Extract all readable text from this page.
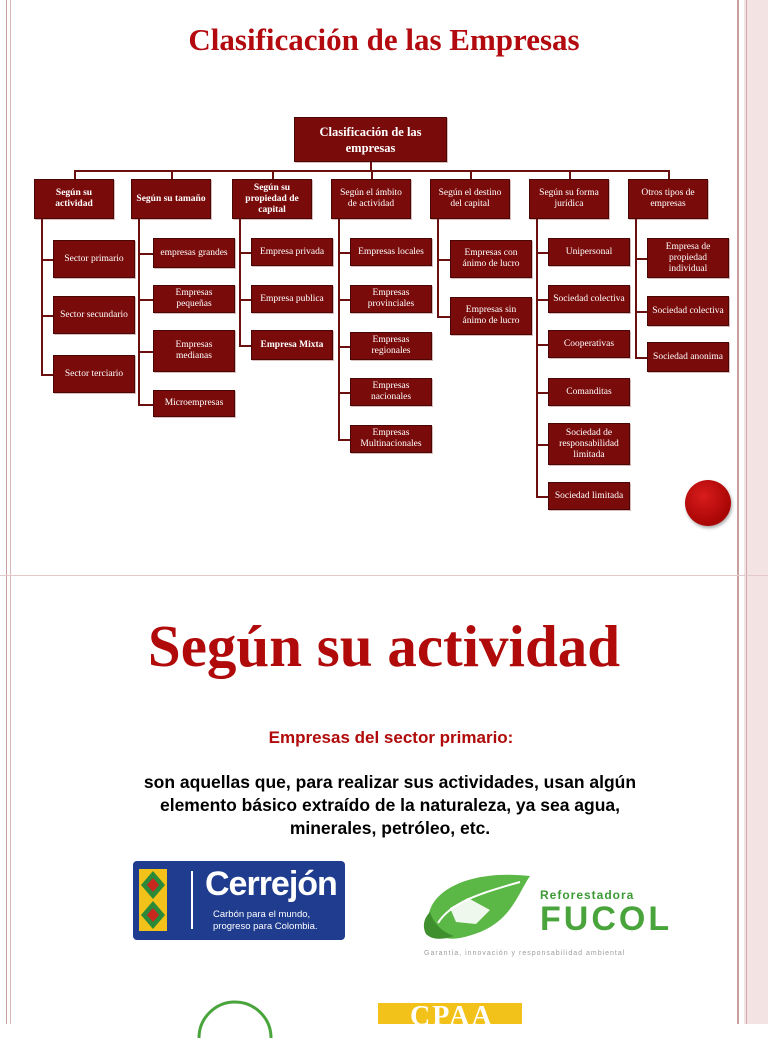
Clasificación de las Empresas
Clasificación de las empresas
Según su actividad
Sector primario
Sector secundario
Sector terciario
Según su tamaño
empresas grandes
Empresas pequeñas
Empresas medianas
Microempresas
Según su propiedad de capital
Empresa privada
Empresa publica
Empresa Mixta
Según el ámbito de actividad
Empresas locales
Empresas provinciales
Empresas regionales
Empresas nacionales
Empresas Multinacionales
Según el destino del capital
Empresas con ánimo de lucro
Empresas sin ánimo de lucro
Según su forma jurídica
Unipersonal
Sociedad colectiva
Cooperativas
Comanditas
Sociedad de responsabilidad limitada
Sociedad limitada
Otros tipos de empresas
Empresa de propiedad individual
Sociedad colectiva
Sociedad anonima
Según su actividad
Empresas del sector primario:
son aquellas que, para realizar sus actividades, usan algún elemento básico extraído de la naturaleza, ya sea agua, minerales, petróleo, etc.
Cerrejón
Carbón para el mundo,
progreso para Colombia.
Reforestadora
FUCOL
Garantía, innovación y responsabilidad ambiental
CPAA
